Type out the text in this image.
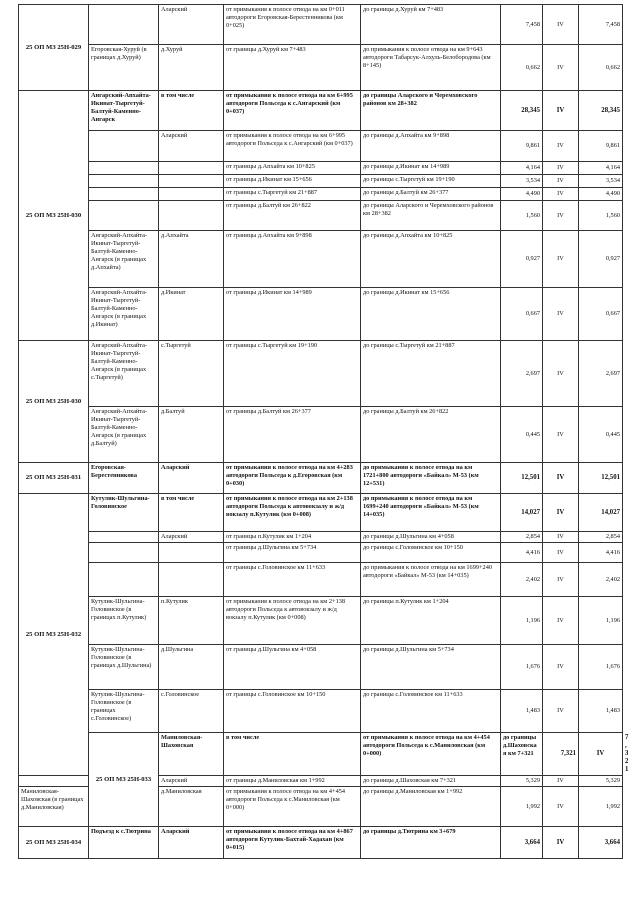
25 ОП МЗ 25Н-029		Аларский	от примыкания к полосе отвода на км 0+011 автодороги Егоровская-Берестенникова (км 0+025)	до границы д.Хуруй км 7+483	7,458	IV	7,458	
	Егоровская-Хуруй (в границах д.Хуруй)	д.Хуруй	от границы д.Хуруй км 7+483	до примыкания к полосе отвода на км 9+643 автодороги Табарсук-Алхуль-Белобородова (км 8+145)	0,662	IV	0,662	
25 ОП МЗ 25Н-030	Ангарский-Апхайта-Икинат-Тыргетуй-Балтуй-Каменно-Ангарск	в том числе	от примыкания к полосе отвода на км 6+995 автодороги Польседа к с.Ангарский (км 0+037)	до границы Аларского и Черемховского районов км 28+382	28,345	IV	28,345	
		Аларский	от примыкания к полосе отвода на км 6+995 автодороги Польседа к с.Ангарский (км 0+037)	до границы д.Апхайта км 9+898	9,861	IV	9,861	
			от границы д.Апхайта км 10+825	до границы д.Икинат км 14+989	4,164	IV	4,164	
			от границы д.Икинат км 15+656	до границы с.Тыргетуй км 19+190	3,534	IV	3,534	
			от границы с.Тыргетуй км 21+887	до границы д.Балтуй км 26+377	4,490	IV	4,490	
			от границы д.Балтуй км 26+822	до границы Аларского и Черемховского районов км 28+382	1,560	IV	1,560	
	Ангарский-Апхайта-Икинат-Тыргетуй-Балтуй-Каменно-Ангарск (в границах д.Апхайта)	д.Апхайта	от границы д.Апхайта км 9+898	до границы д.Апхайта км 10+825	0,927	IV	0,927	
	Ангарский-Апхайта-Икинат-Тыргетуй-Балтуй-Каменно-Ангарск (в границах д.Икинат)	д.Икинат	от границы д.Икинат км 14+989	до границы д.Икинат км 15+656	0,667	IV	0,667	
25 ОП МЗ 25Н-030	Ангарский-Апхайта-Икинат-Тыргетуй-Балтуй-Каменно-Ангарск (в границах с.Тыргетуй)	с.Тыргетуй	от границы с.Тыргетуй км 19+190	до границы с.Тыргетуй км 21+887	2,697	IV	2,697	
	Ангарский-Апхайта-Икинат-Тыргетуй-Балтуй-Каменно-Ангарск (в границах д.Балтуй)	д.Балтуй	от границы д.Балтуй км 26+377	до границы д.Балтуй км 26+822	0,445	IV	0,445	
25 ОП МЗ 25Н-031	Егоровская-Берестенникова	Аларский	от примыкания к полосе отвода на км 4+283 автодороги Польседа к д.Егоровская (км 0+030)	до примыкания к полосе отвода на км 1721+800 автодороги «Байкал» М-53 (км 12+531)	12,501	IV	12,501	
25 ОП МЗ 25Н-032	Кутулик-Шульгина-Головинское	в том числе	от примыкания к полосе отвода на км 2+138 автодороги Польседа к автовокзалу и ж/д вокзалу п.Кутулик (км 0+008)	до примыкания к полосе отвода на км 1699+240 автодороги «Байкал» М-53 (км 14+035)	14,027	IV	14,027	
		Аларский	от границы п.Кутулик км 1+204	до границы д.Шульгина км 4+058	2,854	IV	2,854	
			от границы д.Шульгина км 5+734	до границы с.Головинское км 10+150	4,416	IV	4,416	
			от границы с.Головинское км 11+633	до примыкания к полосе отвода на км 1699+240 автодороги «Байкал» М-53 (км 14+035)	2,402	IV	2,402	
	Кутулик-Шульгина-Головинское (в границах п.Кутулик)	п.Кутулик	от примыкания к полосе отвода на км 2+138 автодороги Польседа к автовокзалу и ж/д вокзалу п.Кутулик (км 0+008)	до границы п.Кутулик км 1+204	1,196	IV	1,196	
	Кутулик-Шульгина-Головинское (в границах д.Шульгина)	д.Шульгина	от границы д.Шульгина км 4+058	до границы д.Шульгина км 5+734	1,676	IV	1,676	
	Кутулик-Шульгина-Головинское (в границах с.Головинское)	с.Головинское	от границы с.Головинское км 10+150	до границы с.Головинское км 11+633	1,483	IV	1,483	
	25 ОП МЗ 25Н-033	Маниловская-Шаховская	в том числе	от примыкания к полосе отвода на км 4+454 автодороги Польседа к с.Маниловская (км 0+000)	до границы д.Шаховская км 7+321	7,321	IV	7,321
		Аларский	от границы д.Маниловская км 1+992	до границы д.Шаховская км 7+321	5,329	IV	5,329	
Маниловская-Шаховская (в границах д.Маниловская)		д.Маниловская	от примыкания к полосе отвода на км 4+454 автодороги Польседа к с.Маниловская (км 0+000)	до границы д.Маниловская км 1+992	1,992	IV	1,992	
25 ОП МЗ 25Н-034	Подъезд к с.Тютрина	Аларский	от примыкания к полосе отвода на км 4+867 автодороги Кутулик-Бахтай-Хадахан (км 0+015)	до границы д.Тютрина км 3+679	3,664	IV	3,664	
